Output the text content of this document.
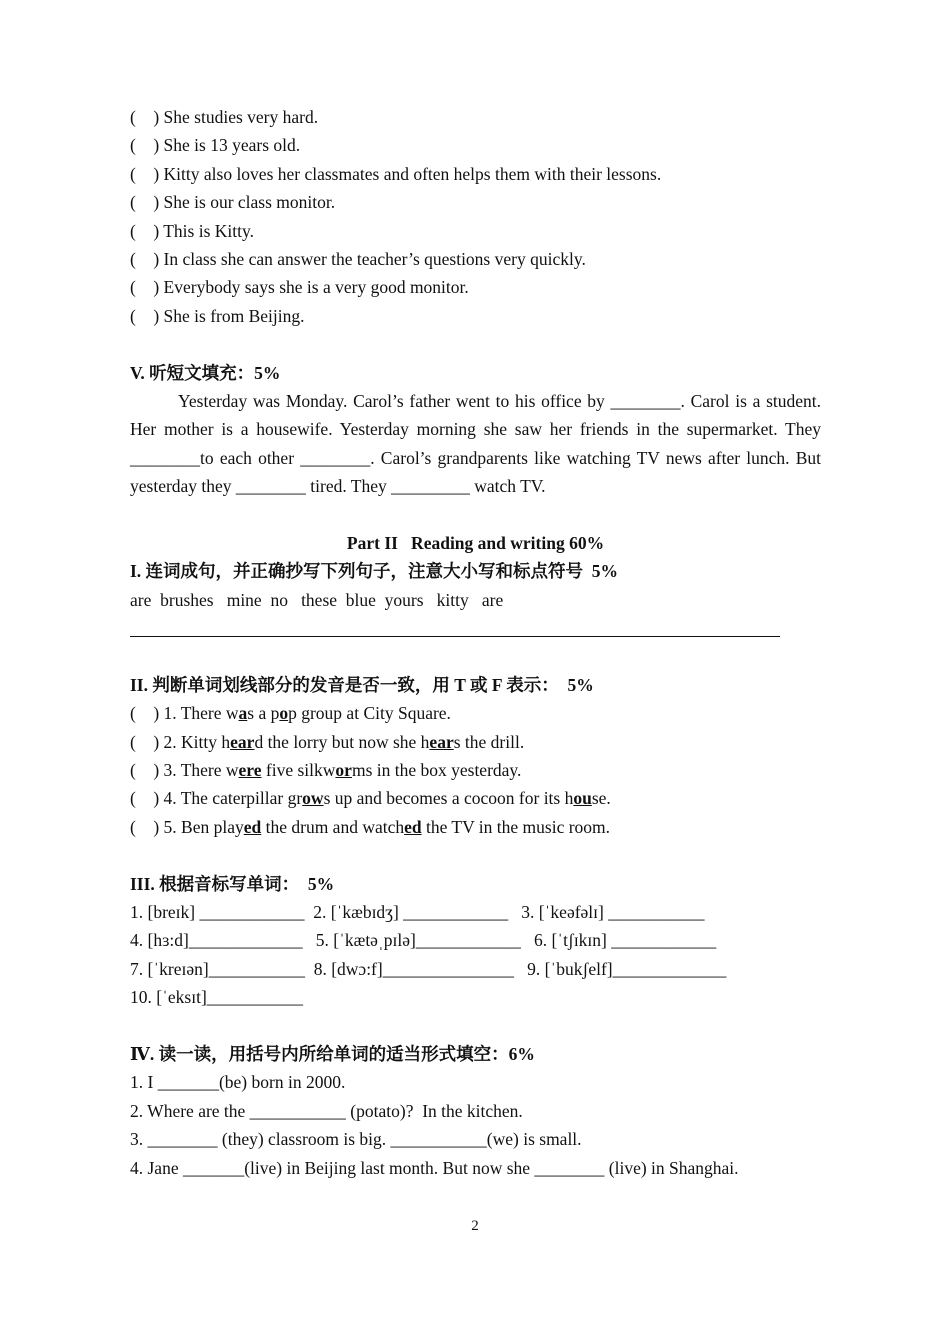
(    ) She studies very hard.
(    ) She is 13 years old.
(    ) Kitty also loves her classmates and often helps them with their lessons.
(    ) She is our class monitor.
(    ) This is Kitty.
(    ) In class she can answer the teacher’s questions very quickly.
(    ) Everybody says she is a very good monitor.
(    ) She is from Beijing.
V. 听短文填充：5%
Yesterday was Monday. Carol’s father went to his office by ________. Carol is a student. Her mother is a housewife. Yesterday morning she saw her friends in the supermarket. They ________to each other ________. Carol’s grandparents like watching TV news after lunch. But yesterday they ________ tired. They _________ watch TV.
Part II   Reading and writing 60%
I. 连词成句，并正确抄写下列句子，注意大小写和标点符号  5%
are  brushes   mine  no   these  blue  yours   kitty   are
II. 判断单词划线部分的发音是否一致，用 T 或 F 表示：  5%
(    ) 1. There was a pop group at City Square.
(    ) 2. Kitty heard the lorry but now she hears the drill.
(    ) 3. There were five silkworms in the box yesterday.
(    ) 4. The caterpillar grows up and becomes a cocoon for its house.
(    ) 5. Ben played the drum and watched the TV in the music room.
III. 根据音标写单词：  5%
1. [breɪk] ____________  2. [ˈkæbɪdʒ] ____________   3. [ˈkeəfəlɪ] ___________
4. [hɜ:d]_____________   5. [ˈkætəˌpɪlə]____________   6. [ˈtʃɪkɪn] ____________
7. [ˈkreɪən]___________  8. [dwɔ:f]_______________   9. [ˈbukʃelf]_____________
10. [ˈeksɪt]___________
Ⅳ. 读一读，用括号内所给单词的适当形式填空：6%
1. I _______(be) born in 2000.
2. Where are the ___________ (potato)?  In the kitchen.
3. ________ (they) classroom is big. ___________(we) is small.
4. Jane _______(live) in Beijing last month. But now she ________ (live) in Shanghai.
2
